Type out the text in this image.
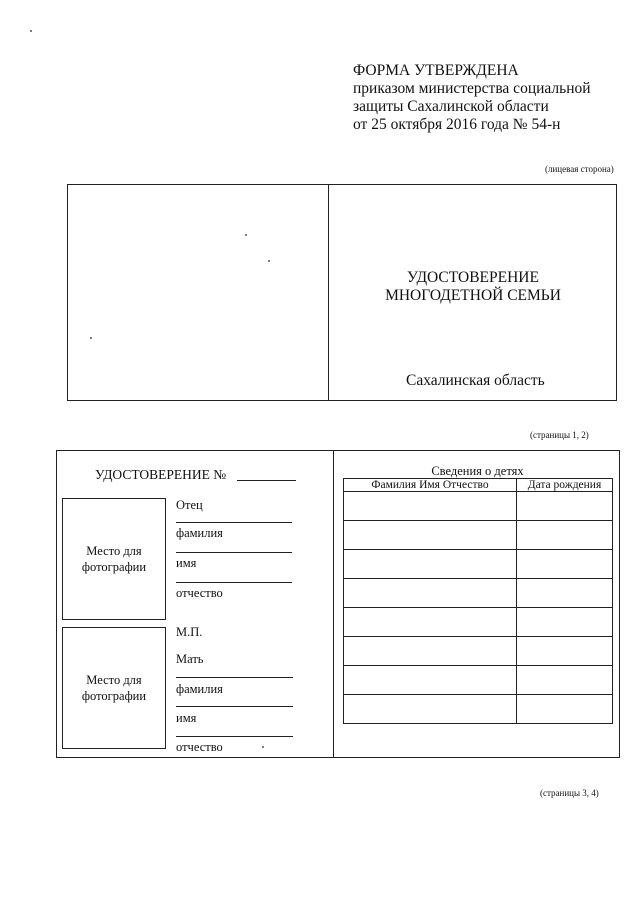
ФОРМА УТВЕРЖДЕНА
приказом министерства социальной
защиты Сахалинской области
от 25 октября 2016 года № 54-н
(лицевая сторона)
УДОСТОВЕРЕНИЕ
МНОГОДЕТНОЙ СЕМЬИ
Сахалинская область
(страницы 1, 2)
УДОСТОВЕРЕНИЕ №
Место для
фотографии
Отец
фамилия
имя
отчество
М.П.
Место для
фотографии
Мать
фамилия
имя
отчество
Сведения о детях
Фамилия Имя Отчество	Дата рождения

(страницы 3, 4)
